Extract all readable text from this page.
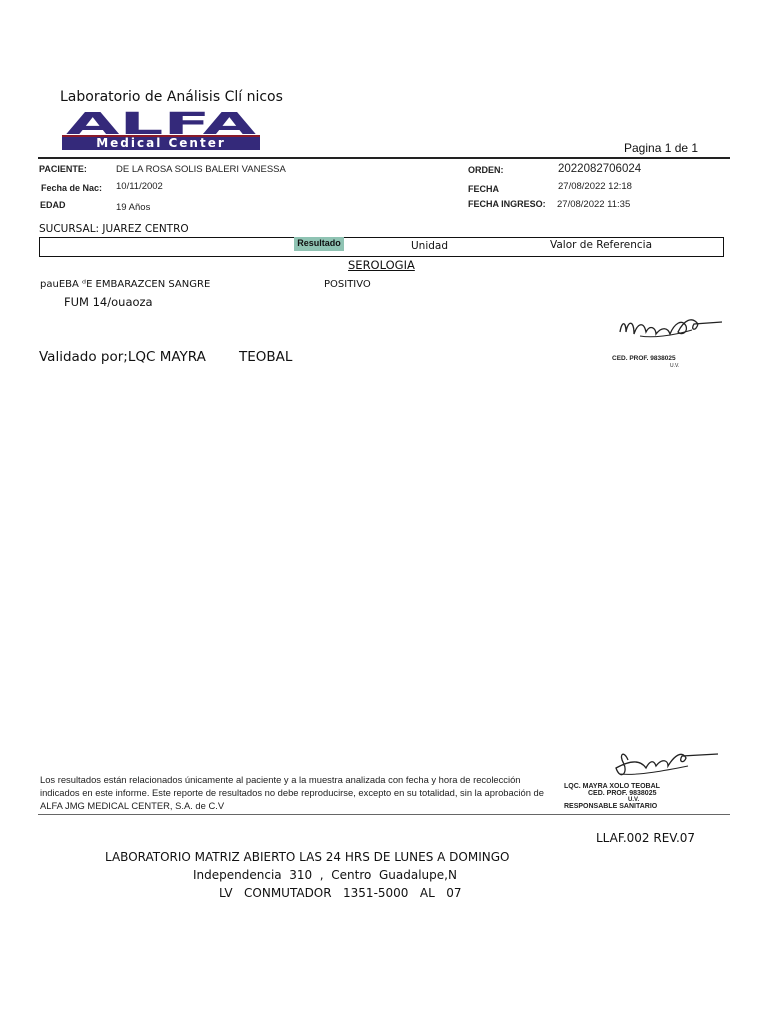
Laboratorio de Análisis Clí nicos
ALFA
Medical Center	Pagina 1 de 1
PACIENTE:	DE LA ROSA SOLIS BALERI VANESSA
Fecha de Nac: 10/11/2002
EDAD	19 Años
ORDEN:	2022082706024
FECHA	27/08/2022 12:18
FECHA INGRESO: 27/08/2022 11:35
SUCURSAL: JUAREZ CENTRO
Resultado	Unidad	Valor de Referencia
SEROLOGIA
pauEBA ᵈE EMBARAZCEN SANGRE	POSITIVO
FUM 14/ouaoza
Validado por;LQC MAYRA TEOBAL	CED. PROF. 9838025
U.V.
Los resultados están relacionados únicamente al paciente y a la muestra analizada con fecha y hora de recolección indicados en este informe. Este reporte de resultados no debe reproducirse, excepto en su totalidad, sin la aprobación de ALFA JMG MEDICAL CENTER, S.A. de C.V
LQC. MAYRA XOLO TEOBAL
CED. PROF. 9838025
U.V.
RESPONSABLE SANITARIO
LLAF.002 REV.07
LABORATORIO MATRIZ ABIERTO LAS 24 HRS DE LUNES A DOMINGO
Independencia  310  ,  Centro  Guadalupe,N
LV   CONMUTADOR   1351-5000   AL   07
